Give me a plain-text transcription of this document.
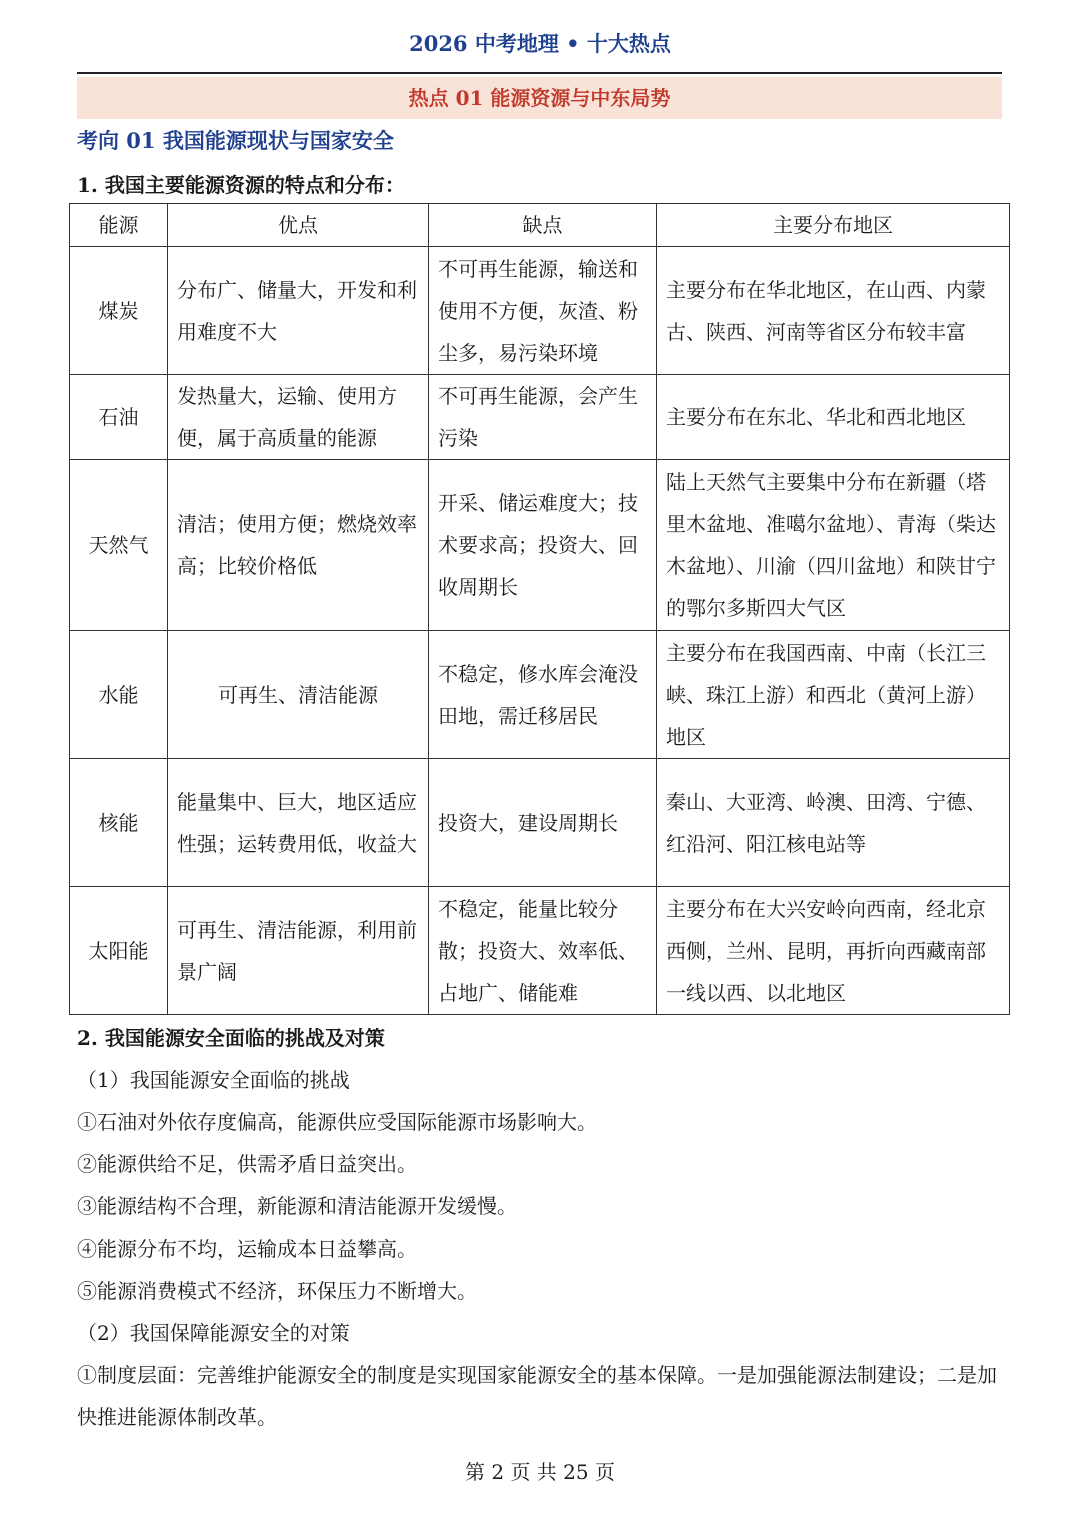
2026 中考地理 • 十大热点
热点 01 能源资源与中东局势
考向 01 我国能源现状与国家安全
1. 我国主要能源资源的特点和分布：
能源	优点	缺点	主要分布地区
煤炭	分布广、储量大，开发和利用难度不大	不可再生能源，输送和使用不方便，灰渣、粉尘多，易污染环境	主要分布在华北地区，在山西、内蒙古、陕西、河南等省区分布较丰富
石油	发热量大，运输、使用方便，属于高质量的能源	不可再生能源，会产生污染	主要分布在东北、华北和西北地区
天然气	清洁；使用方便；燃烧效率高；比较价格低	开采、储运难度大；技术要求高；投资大、回收周期长	陆上天然气主要集中分布在新疆（塔里木盆地、准噶尔盆地）、青海（柴达木盆地）、川渝（四川盆地）和陕甘宁的鄂尔多斯四大气区
水能	可再生、清洁能源	不稳定，修水库会淹没田地，需迁移居民	主要分布在我国西南、中南（长江三峡、珠江上游）和西北（黄河上游）地区
核能	能量集中、巨大，地区适应性强；运转费用低，收益大	投资大，建设周期长	秦山、大亚湾、岭澳、田湾、宁德、红沿河、阳江核电站等
太阳能	可再生、清洁能源，利用前景广阔	不稳定，能量比较分散；投资大、效率低、占地广、储能难	主要分布在大兴安岭向西南，经北京西侧，兰州、昆明，再折向西藏南部一线以西、以北地区
2. 我国能源安全面临的挑战及对策
（1）我国能源安全面临的挑战
①石油对外依存度偏高，能源供应受国际能源市场影响大。
②能源供给不足，供需矛盾日益突出。
③能源结构不合理，新能源和清洁能源开发缓慢。
④能源分布不均，运输成本日益攀高。
⑤能源消费模式不经济，环保压力不断增大。
（2）我国保障能源安全的对策
①制度层面：完善维护能源安全的制度是实现国家能源安全的基本保障。一是加强能源法制建设；二是加快推进能源体制改革。
第 2 页 共 25 页
